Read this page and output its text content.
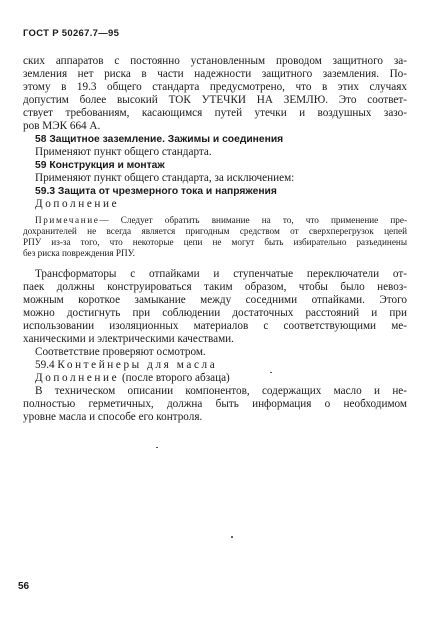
ГОСТ Р 50267.7—95
ских аппаратов с постоянно установленным проводом защитного за-
земления нет риска в части надежности защитного заземления. По-
этому в 19.3 общего стандарта предусмотрено, что в этих случаях
допустим более высокий ТОК УТЕЧКИ НА ЗЕМЛЮ. Это соответ-
ствует требованиям, касающимся путей утечки и воздушных зазо-
ров МЭК 664 А.
58 Защитное заземление. Зажимы и соединения
Применяют пункт общего стандарта.
59 Конструкция и монтаж
Применяют пункт общего стандарта, за исключением:
59.3 Защита от чрезмерного тока и напряжения
Дополнение
Примечание— Следует обратить внимание на то, что применение пре-
дохранителей не всегда является пригодным средством от сверхперегрузок цепей
РПУ из-за того, что некоторые цепи не могут быть избирательно разъединены
без риска повреждения РПУ.
Трансформаторы с отпайками и ступенчатые переключатели от-
паек должны конструироваться таким образом, чтобы было невоз-
можным короткое замыкание между соседними отпайками. Этого
можно достигнуть при соблюдении достаточных расстояний и при
использовании изоляционных материалов с соответствующими ме-
ханическими и электрическими качествами.
Соответствие проверяют осмотром.
59.4 Контейнеры для масла
Дополнение (после второго абзаца)
В техническом описании компонентов, содержащих масло и не-
полностью герметичных, должна быть информация о необходимом
уровне масла и способе его контроля.
56
